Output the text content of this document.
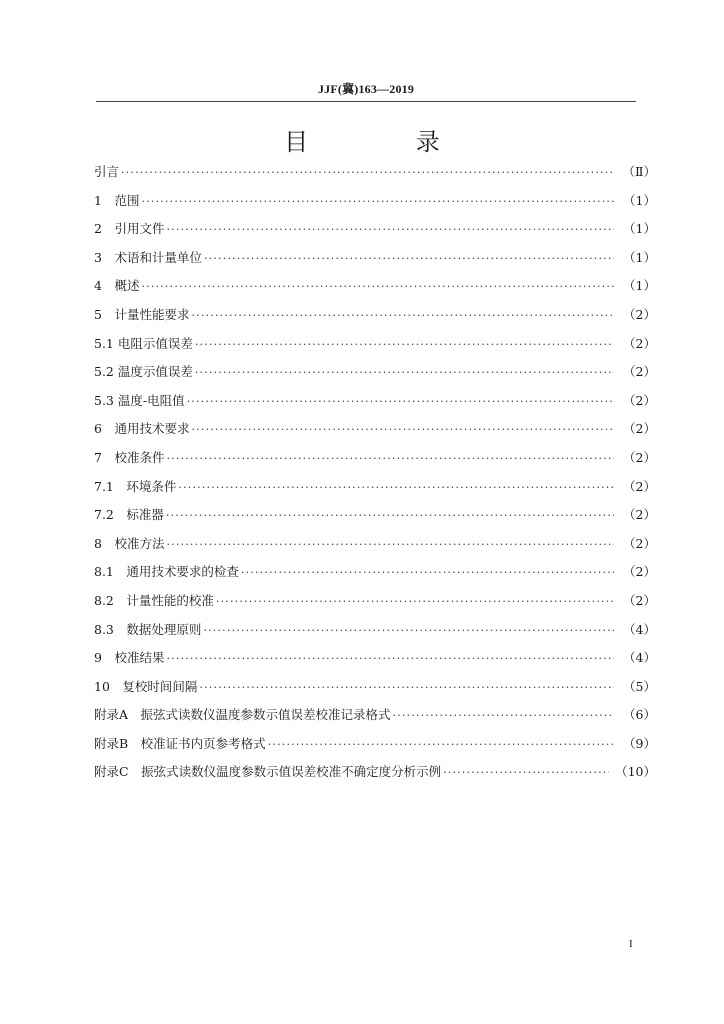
JJF(冀)163—2019
目 录
引言 ·····	（Ⅱ）
1　范围 ·····	（1）
2　引用文件 ·····	（1）
3　术语和计量单位 ·····	（1）
4　概述 ·····	（1）
5　计量性能要求 ·····	（2）
5.1 电阻示值误差 ·····	（2）
5.2 温度示值误差 ·····	（2）
5.3 温度-电阻值 ·····	（2）
6　通用技术要求 ·····	（2）
7　校准条件 ·····	（2）
7.1　环境条件 ·····	（2）
7.2　标准器 ·····	（2）
8　校准方法 ·····	（2）
8.1　通用技术要求的检查 ·····	（2）
8.2　计量性能的校准 ·····	（2）
8.3　数据处理原则 ·····	（4）
9　校准结果 ·····	（4）
10　复校时间间隔 ·····	（5）
附录A　振弦式读数仪温度参数示值误差校准记录格式 ·····	（6）
附录B　校准证书内页参考格式 ·····	（9）
附录C　振弦式读数仪温度参数示值误差校准不确定度分析示例 ·····	（10）
I
